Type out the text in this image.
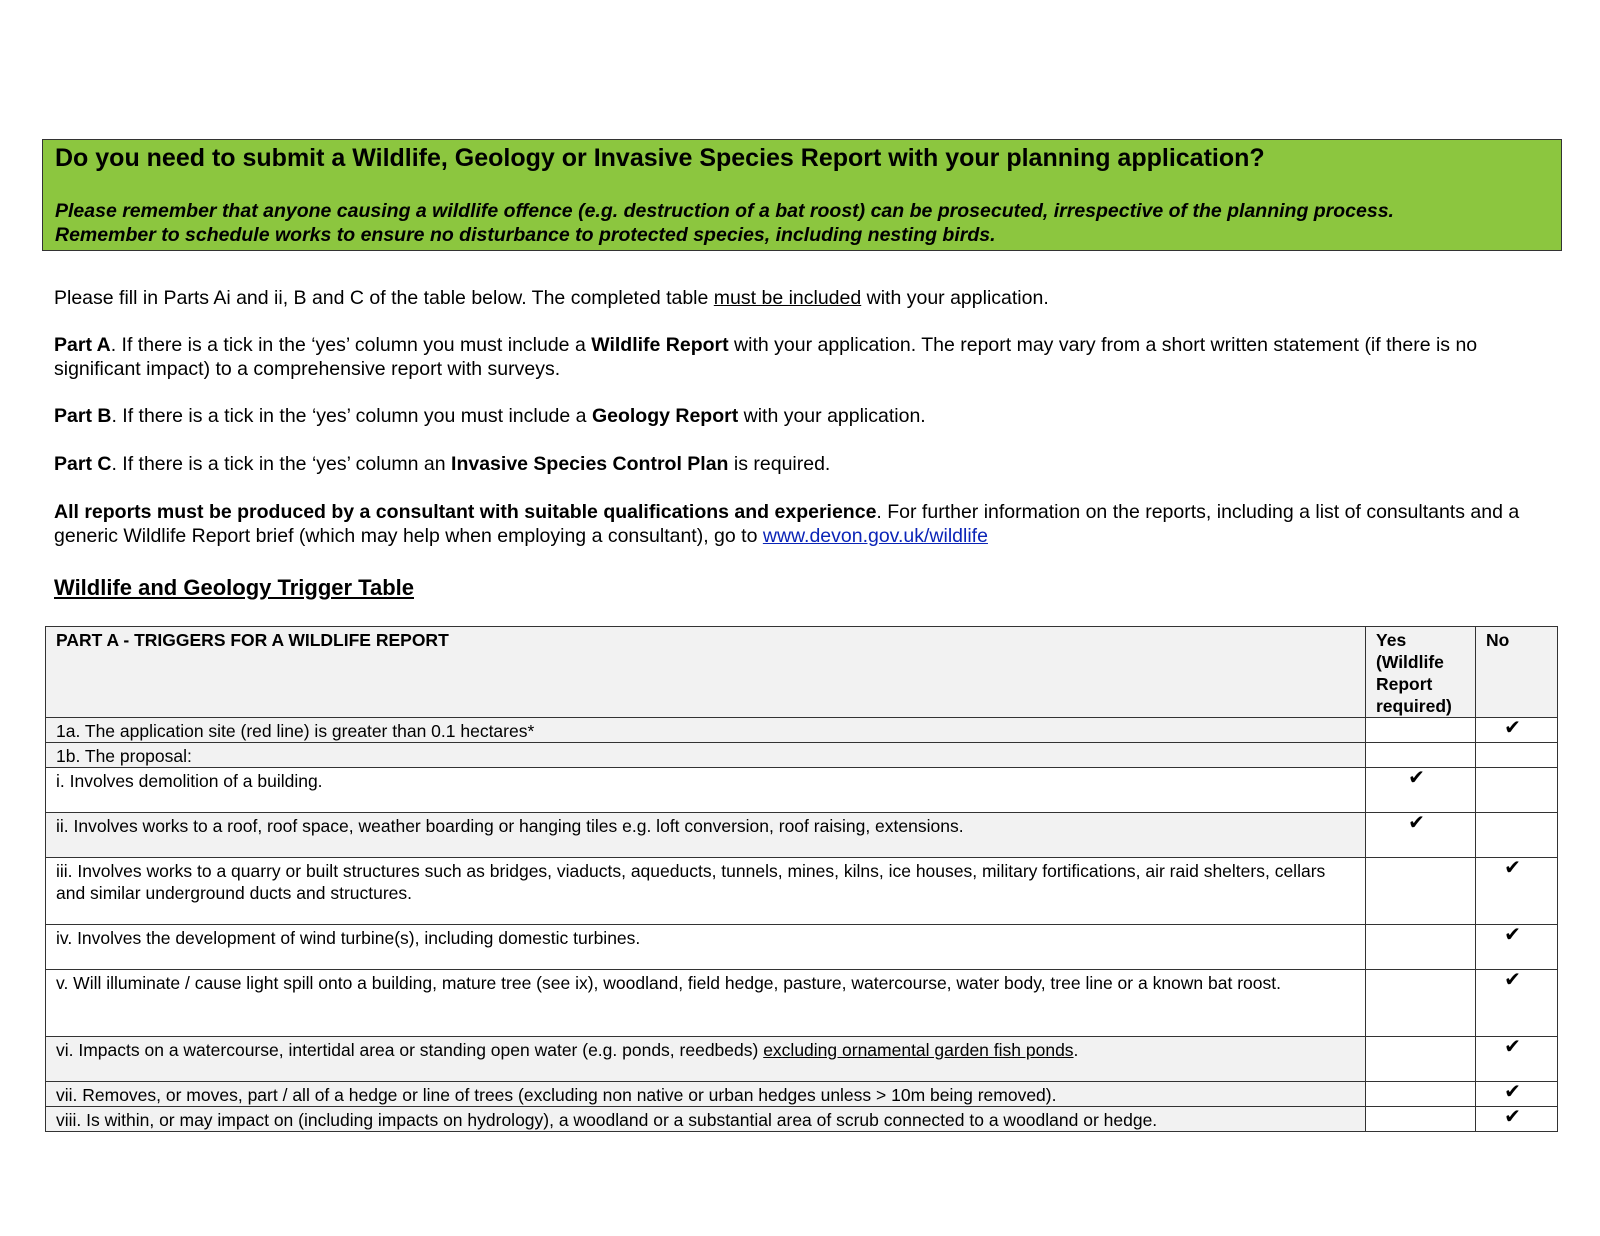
Do you need to submit a Wildlife, Geology or Invasive Species Report with your planning application?
Please remember that anyone causing a wildlife offence (e.g. destruction of a bat roost) can be prosecuted, irrespective of the planning process.
Remember to schedule works to ensure no disturbance to protected species, including nesting birds.
Please fill in Parts Ai and ii, B and C of the table below. The completed table must be included with your application.
Part A. If there is a tick in the ‘yes’ column you must include a Wildlife Report with your application. The report may vary from a short written statement (if there is no significant impact) to a comprehensive report with surveys.
Part B. If there is a tick in the ‘yes’ column you must include a Geology Report with your application.
Part C. If there is a tick in the ‘yes’ column an Invasive Species Control Plan is required.
All reports must be produced by a consultant with suitable qualifications and experience. For further information on the reports, including a list of consultants and a generic Wildlife Report brief (which may help when employing a consultant), go to www.devon.gov.uk/wildlife
Wildlife and Geology Trigger Table
PART A - TRIGGERS FOR A WILDLIFE REPORT	Yes (Wildlife Report required)	No
1a. The application site (red line) is greater than 0.1 hectares*		✔
1b. The proposal:		
i. Involves demolition of a building.	✔	
ii. Involves works to a roof, roof space, weather boarding or hanging tiles e.g. loft conversion, roof raising, extensions.	✔	
iii. Involves works to a quarry or built structures such as bridges, viaducts, aqueducts, tunnels, mines, kilns, ice houses, military fortifications, air raid shelters, cellars and similar underground ducts and structures.		✔
iv. Involves the development of wind turbine(s), including domestic turbines.		✔
v. Will illuminate / cause light spill onto a building, mature tree (see ix), woodland, field hedge, pasture, watercourse, water body, tree line or a known bat roost.		✔
vi. Impacts on a watercourse, intertidal area or standing open water (e.g. ponds, reedbeds) excluding ornamental garden fish ponds.		✔
vii. Removes, or moves, part / all of a hedge or line of trees (excluding non native or urban hedges unless > 10m being removed).		✔
viii. Is within, or may impact on (including impacts on hydrology), a woodland or a substantial area of scrub connected to a woodland or hedge.		✔
